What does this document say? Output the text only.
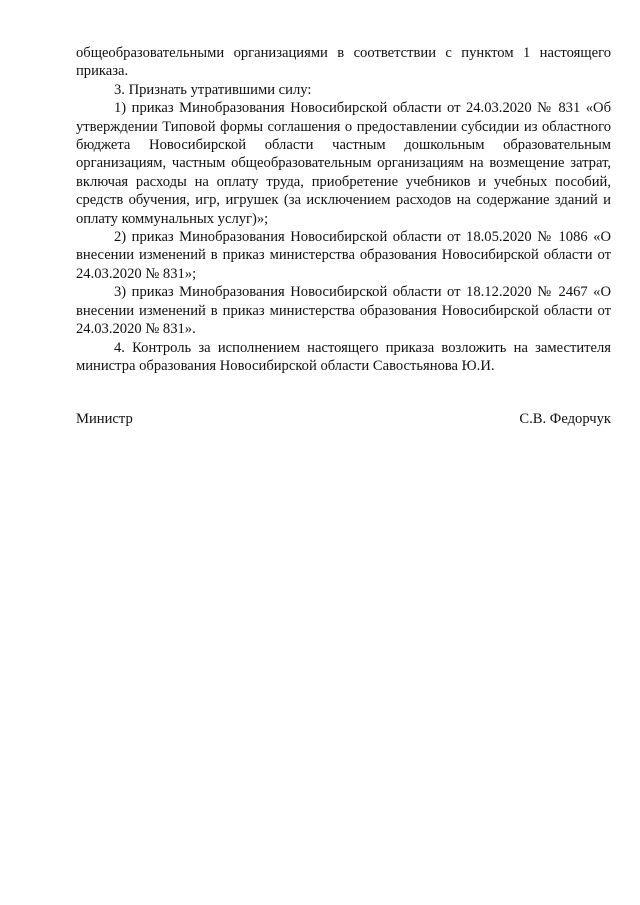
общеобразовательными организациями в соответствии с пунктом 1 настоящего приказа.

3. Признать утратившими силу:

1) приказ Минобразования Новосибирской области от 24.03.2020 № 831 «Об утверждении Типовой формы соглашения о предоставлении субсидии из областного бюджета Новосибирской области частным дошкольным образовательным организациям, частным общеобразовательным организациям на возмещение затрат, включая расходы на оплату труда, приобретение учебников и учебных пособий, средств обучения, игр, игрушек (за исключением расходов на содержание зданий и оплату коммунальных услуг)»;

2) приказ Минобразования Новосибирской области от 18.05.2020 № 1086 «О внесении изменений в приказ министерства образования Новосибирской области от 24.03.2020 № 831»;

3) приказ Минобразования Новосибирской области от 18.12.2020 № 2467 «О внесении изменений в приказ министерства образования Новосибирской области от 24.03.2020 № 831».

4. Контроль за исполнением настоящего приказа возложить на заместителя министра образования Новосибирской области Савостьянова Ю.И.

Министр	С.В. Федорчук
